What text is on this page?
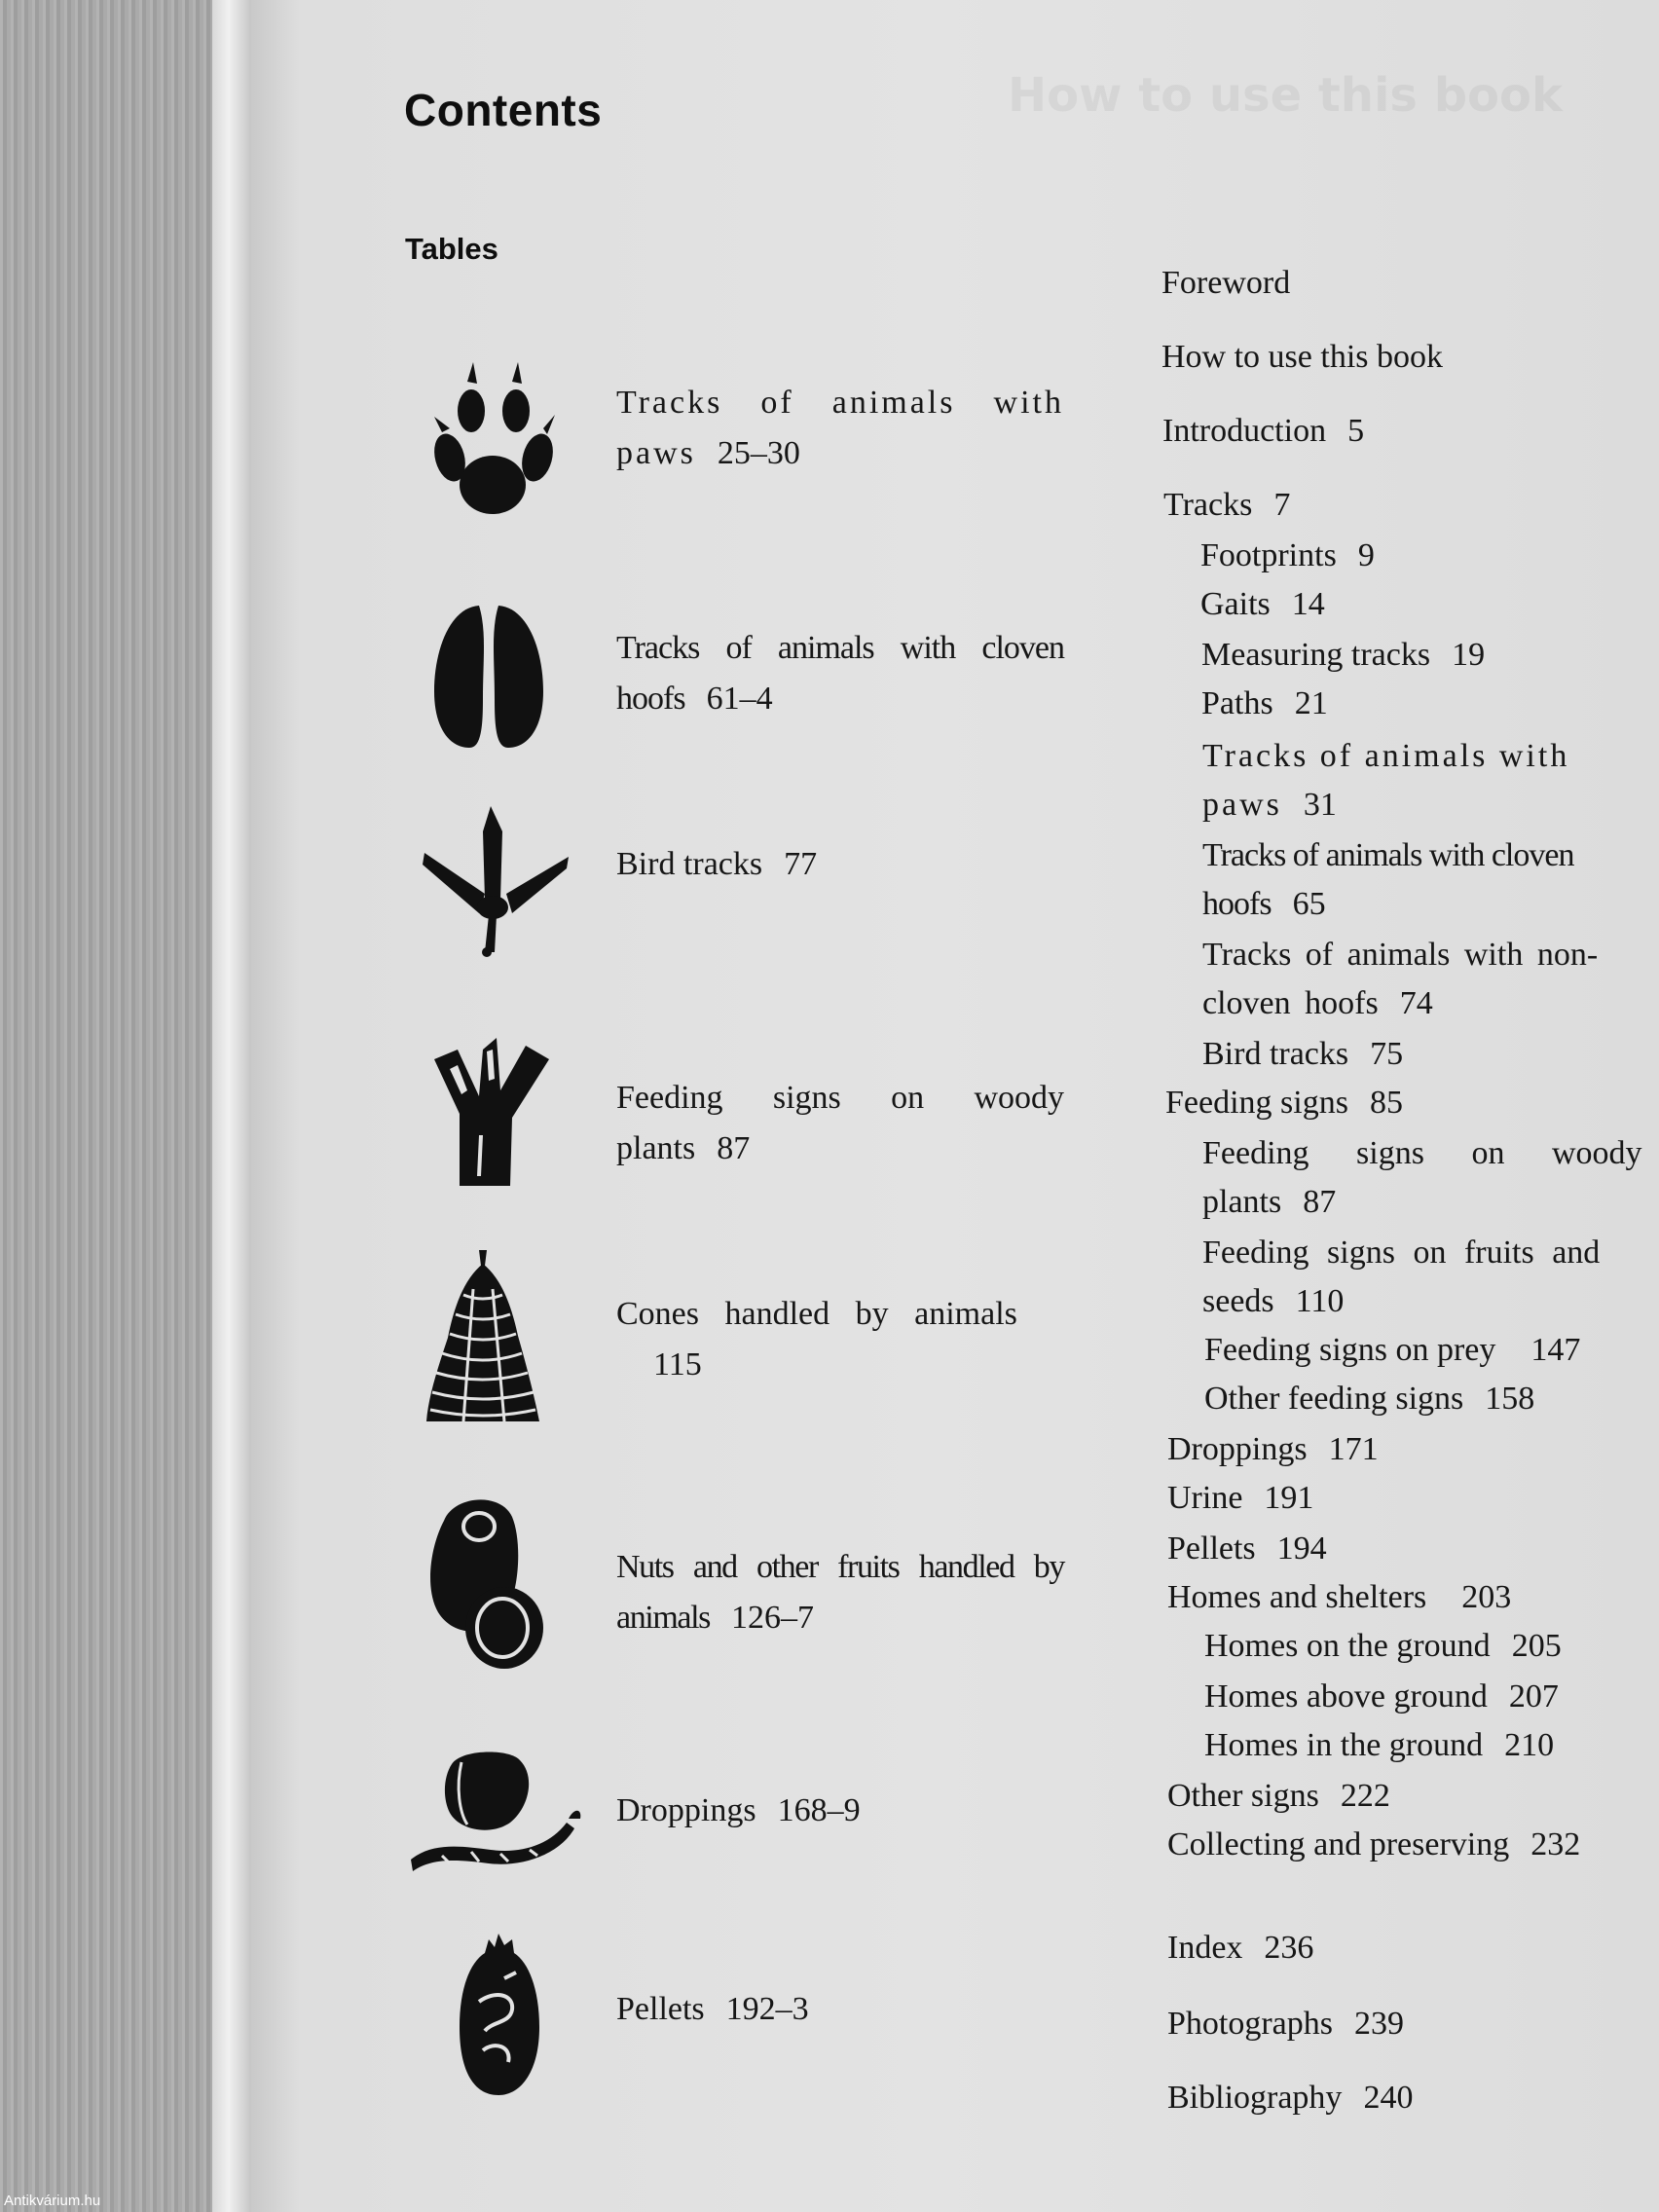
How to use this book
Contents
Tables
Tracks of animals with paws 25–30
Tracks of animals with cloven hoofs 61–4
Bird tracks 77
Feeding signs on woody plants 87
Cones handled by animals
115
Nuts and other fruits handled by animals 126–7
Droppings 168–9
Pellets 192–3
Foreword
How to use this book
Introduction 5
Tracks 7
Footprints 9
Gaits 14
Measuring tracks 19
Paths 21
Tracks of animals with paws 31
Tracks of animals with cloven hoofs 65
Tracks of animals with non-cloven hoofs 74
Bird tracks 75
Feeding signs 85
Feeding signs on woody plants 87
Feeding signs on fruits and seeds 110
Feeding signs on prey 147
Other feeding signs 158
Droppings 171
Urine 191
Pellets 194
Homes and shelters 203
Homes on the ground 205
Homes above ground 207
Homes in the ground 210
Other signs 222
Collecting and preserving 232
Index 236
Photographs 239
Bibliography 240
Antikvárium.hu
